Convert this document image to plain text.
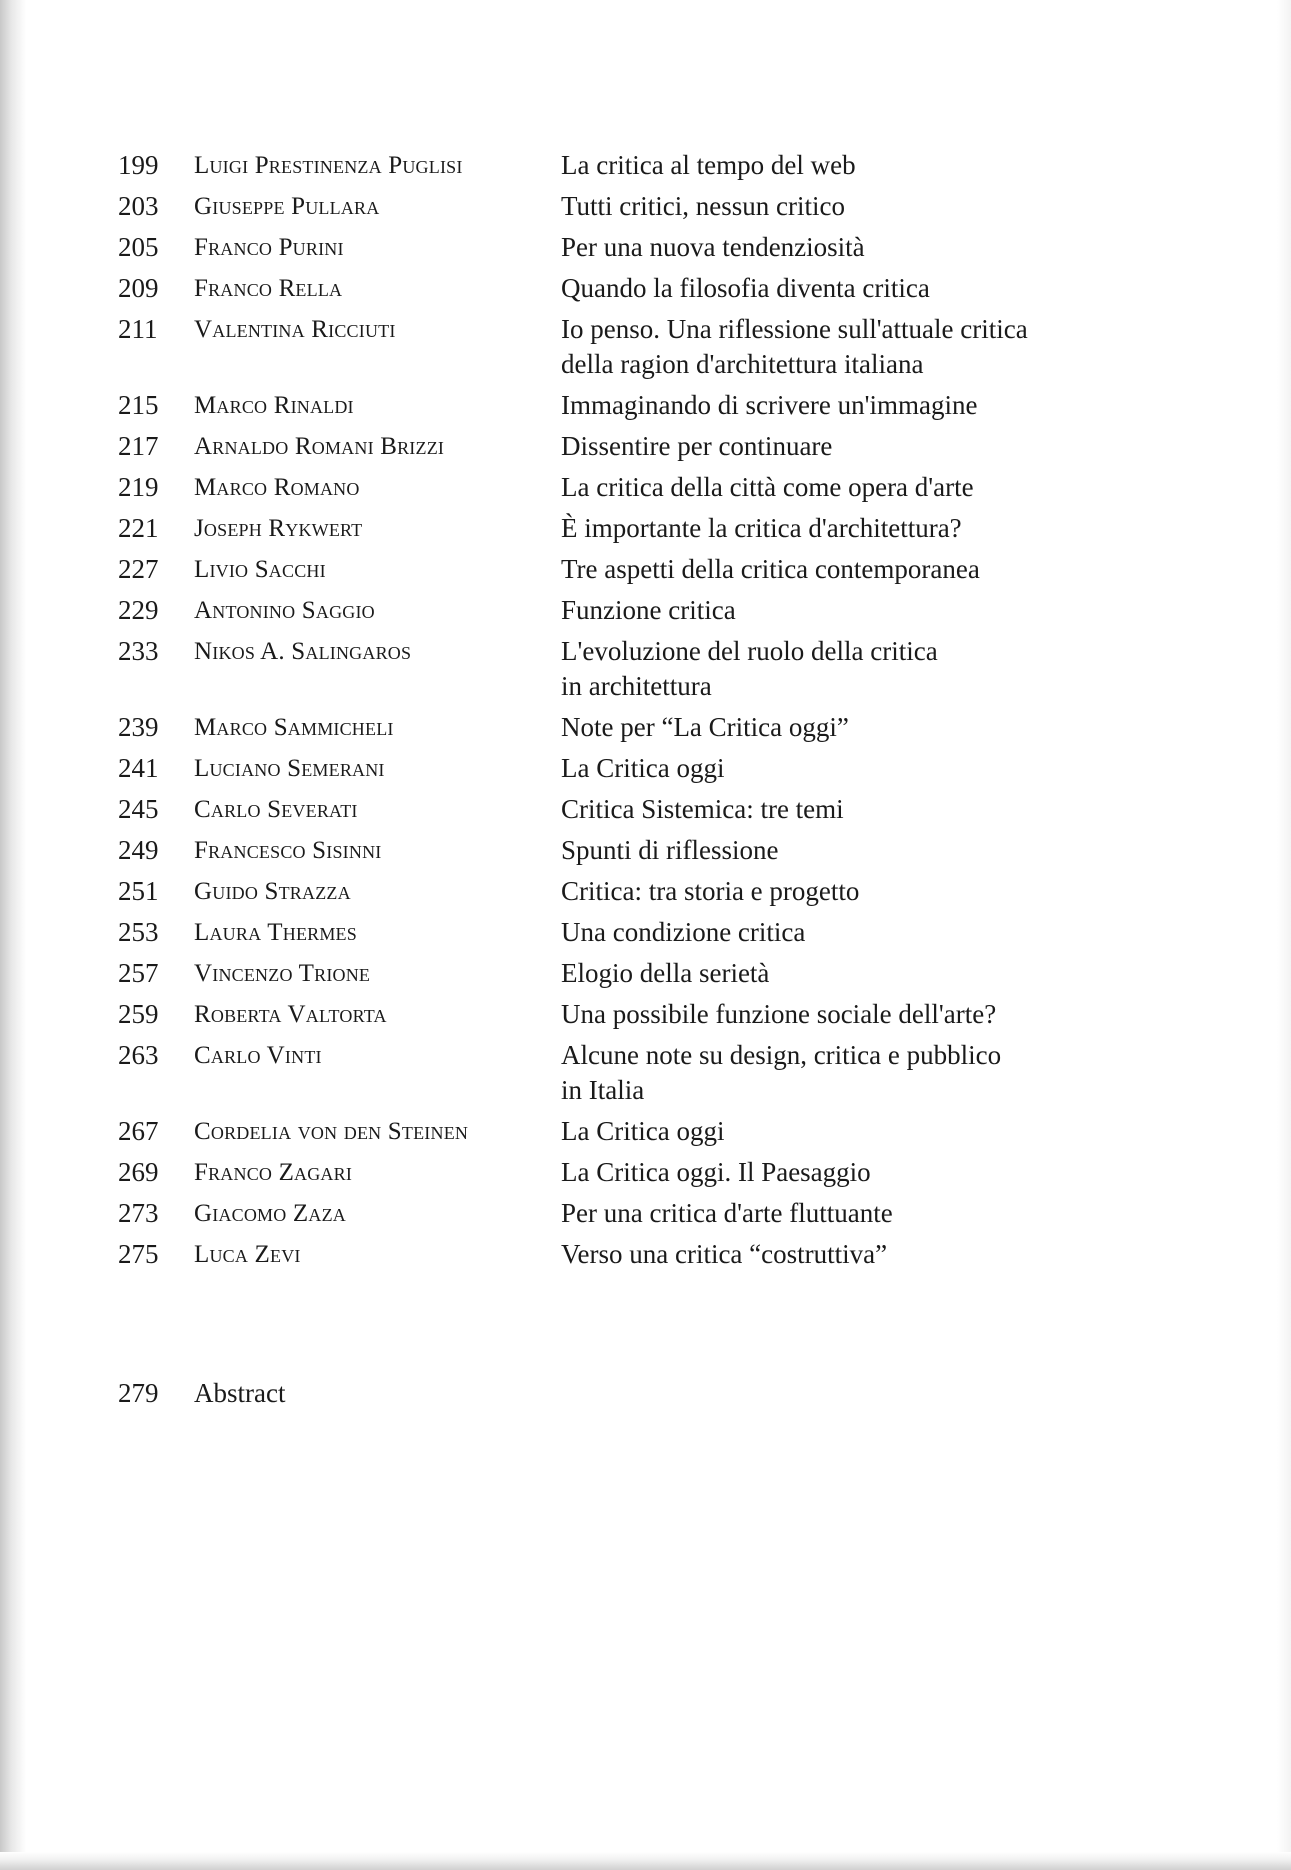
199	Luigi Prestinenza Puglisi	La critica al tempo del web
203	Giuseppe Pullara	Tutti critici, nessun critico
205	Franco Purini	Per una nuova tendenziosità
209	Franco Rella	Quando la filosofia diventa critica
211	Valentina Ricciuti	Io penso. Una riflessione sull'attuale critica
della ragion d'architettura italiana
215	Marco Rinaldi	Immaginando di scrivere un'immagine
217	Arnaldo Romani Brizzi	Dissentire per continuare
219	Marco Romano	La critica della città come opera d'arte
221	Joseph Rykwert	È importante la critica d'architettura?
227	Livio Sacchi	Tre aspetti della critica contemporanea
229	Antonino Saggio	Funzione critica
233	Nikos A. Salingaros	L'evoluzione del ruolo della critica
in architettura
239	Marco Sammicheli	Note per “La Critica oggi”
241	Luciano Semerani	La Critica oggi
245	Carlo Severati	Critica Sistemica: tre temi
249	Francesco Sisinni	Spunti di riflessione
251	Guido Strazza	Critica: tra storia e progetto
253	Laura Thermes	Una condizione critica
257	Vincenzo Trione	Elogio della serietà
259	Roberta Valtorta	Una possibile funzione sociale dell'arte?
263	Carlo Vinti	Alcune note su design, critica e pubblico
in Italia
267	Cordelia von den Steinen	La Critica oggi
269	Franco Zagari	La Critica oggi. Il Paesaggio
273	Giacomo Zaza	Per una critica d'arte fluttuante
275	Luca Zevi	Verso una critica “costruttiva”
279	Abstract
